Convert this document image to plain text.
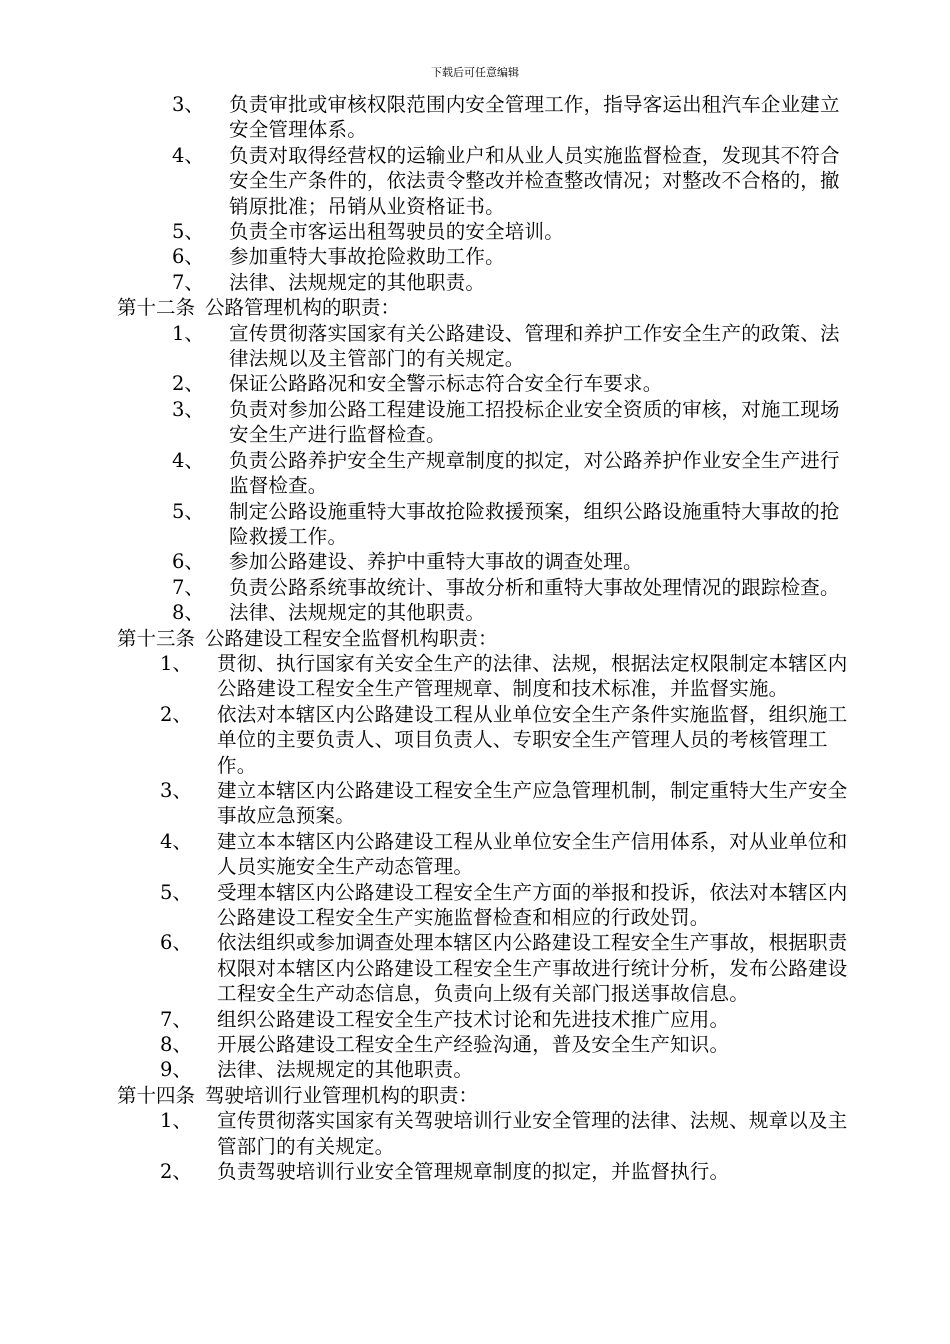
下载后可任意编辑
3、 负责审批或审核权限范围内安全管理工作，指导客运出租汽车企业建立安全管理体系。
4、 负责对取得经营权的运输业户和从业人员实施监督检查，发现其不符合安全生产条件的，依法责令整改并检查整改情况；对整改不合格的，撤销原批准；吊销从业资格证书。
5、 负责全市客运出租驾驶员的安全培训。
6、 参加重特大事故抢险救助工作。
7、 法律、法规规定的其他职责。
第十二条 公路管理机构的职责：
1、 宣传贯彻落实国家有关公路建设、管理和养护工作安全生产的政策、法律法规以及主管部门的有关规定。
2、 保证公路路况和安全警示标志符合安全行车要求。
3、 负责对参加公路工程建设施工招投标企业安全资质的审核，对施工现场安全生产进行监督检查。
4、 负责公路养护安全生产规章制度的拟定，对公路养护作业安全生产进行监督检查。
5、 制定公路设施重特大事故抢险救援预案，组织公路设施重特大事故的抢险救援工作。
6、 参加公路建设、养护中重特大事故的调查处理。
7、 负责公路系统事故统计、事故分析和重特大事故处理情况的跟踪检查。
8、 法律、法规规定的其他职责。
第十三条 公路建设工程安全监督机构职责：
1、 贯彻、执行国家有关安全生产的法律、法规，根据法定权限制定本辖区内公路建设工程安全生产管理规章、制度和技术标准，并监督实施。
2、 依法对本辖区内公路建设工程从业单位安全生产条件实施监督，组织施工单位的主要负责人、项目负责人、专职安全生产管理人员的考核管理工作。
3、 建立本辖区内公路建设工程安全生产应急管理机制，制定重特大生产安全事故应急预案。
4、 建立本本辖区内公路建设工程从业单位安全生产信用体系，对从业单位和人员实施安全生产动态管理。
5、 受理本辖区内公路建设工程安全生产方面的举报和投诉，依法对本辖区内公路建设工程安全生产实施监督检查和相应的行政处罚。
6、 依法组织或参加调查处理本辖区内公路建设工程安全生产事故，根据职责权限对本辖区内公路建设工程安全生产事故进行统计分析，发布公路建设工程安全生产动态信息，负责向上级有关部门报送事故信息。
7、 组织公路建设工程安全生产技术讨论和先进技术推广应用。
8、 开展公路建设工程安全生产经验沟通，普及安全生产知识。
9、 法律、法规规定的其他职责。
第十四条 驾驶培训行业管理机构的职责：
1、 宣传贯彻落实国家有关驾驶培训行业安全管理的法律、法规、规章以及主管部门的有关规定。
2、 负责驾驶培训行业安全管理规章制度的拟定，并监督执行。
